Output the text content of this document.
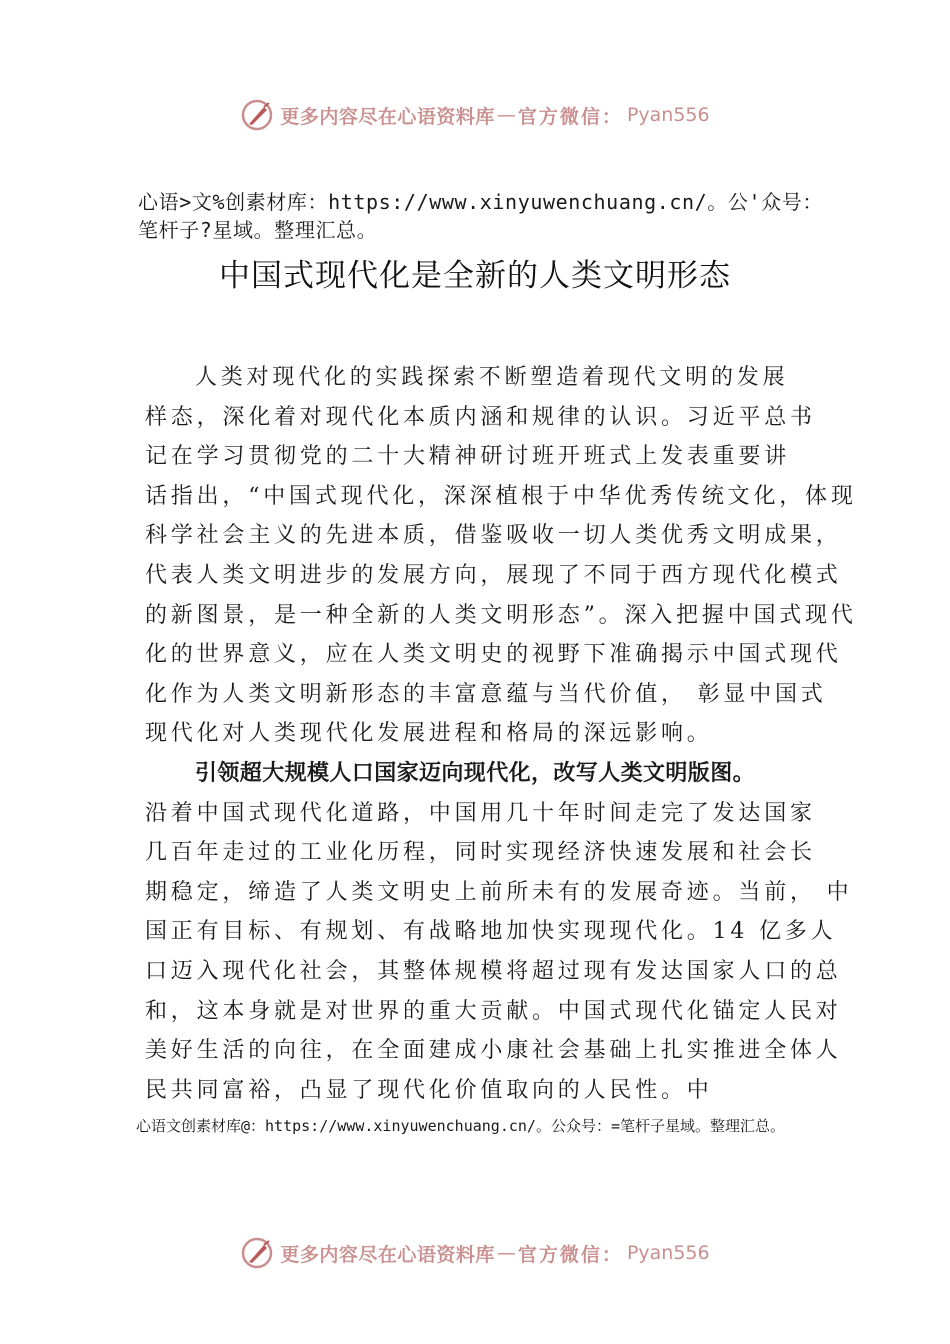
更多内容尽在心语资料库 — 官方微信： Pyan556
心语>文%创素材库：https://www.xinyuwenchuang.cn/。公'众号：笔杆子?星域。整理汇总。
中国式现代化是全新的人类文明形态
人类对现代化的实践探索不断塑造着现代文明的发展
样态，深化着对现代化本质内涵和规律的认识。习近平总书
记在学习贯彻党的二十大精神研讨班开班式上发表重要讲
话指出，“中国式现代化，深深植根于中华优秀传统文化，体现
科学社会主义的先进本质，借鉴吸收一切人类优秀文明成果，
代表人类文明进步的发展方向，展现了不同于西方现代化模式
的新图景，是一种全新的人类文明形态”。深入把握中国式现代
化的世界意义，应在人类文明史的视野下准确揭示中国式现代
化作为人类文明新形态的丰富意蕴与当代价值， 彰显中国式
现代化对人类现代化发展进程和格局的深远影响。
引领超大规模人口国家迈向现代化，改写人类文明版图。
沿着中国式现代化道路，中国用几十年时间走完了发达国家
几百年走过的工业化历程，同时实现经济快速发展和社会长
期稳定，缔造了人类文明史上前所未有的发展奇迹。当前， 中
国正有目标、有规划、有战略地加快实现现代化。14 亿多人
口迈入现代化社会，其整体规模将超过现有发达国家人口的总
和，这本身就是对世界的重大贡献。中国式现代化锚定人民对
美好生活的向往，在全面建成小康社会基础上扎实推进全体人
民共同富裕，凸显了现代化价值取向的人民性。中
心语文创素材库@：https://www.xinyuwenchuang.cn/。公众号：=笔杆子星域。整理汇总。
更多内容尽在心语资料库 — 官方微信： Pyan556
